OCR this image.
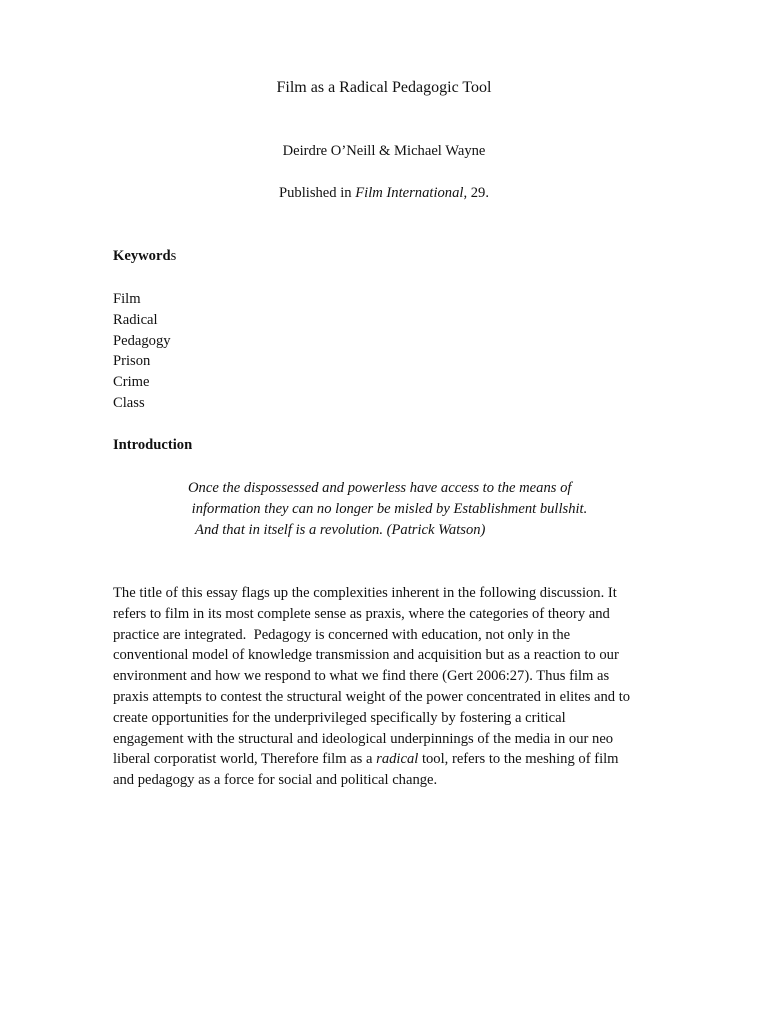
Film as a Radical Pedagogic Tool
Deirdre O’Neill & Michael Wayne
Published in Film International, 29.
Keywords
Film
Radical
Pedagogy
Prison
Crime
Class
Introduction
Once the dispossessed and powerless have access to the means of
information they can no longer be misled by Establishment bullshit.
And that in itself is a revolution. (Patrick Watson)

The title of this essay flags up the complexities inherent in the following discussion. It
refers to film in its most complete sense as praxis, where the categories of theory and
practice are integrated.  Pedagogy is concerned with education, not only in the
conventional model of knowledge transmission and acquisition but as a reaction to our
environment and how we respond to what we find there (Gert 2006:27). Thus film as
praxis attempts to contest the structural weight of the power concentrated in elites and to
create opportunities for the underprivileged specifically by fostering a critical
engagement with the structural and ideological underpinnings of the media in our neo
liberal corporatist world, Therefore film as a radical tool, refers to the meshing of film
and pedagogy as a force for social and political change.
